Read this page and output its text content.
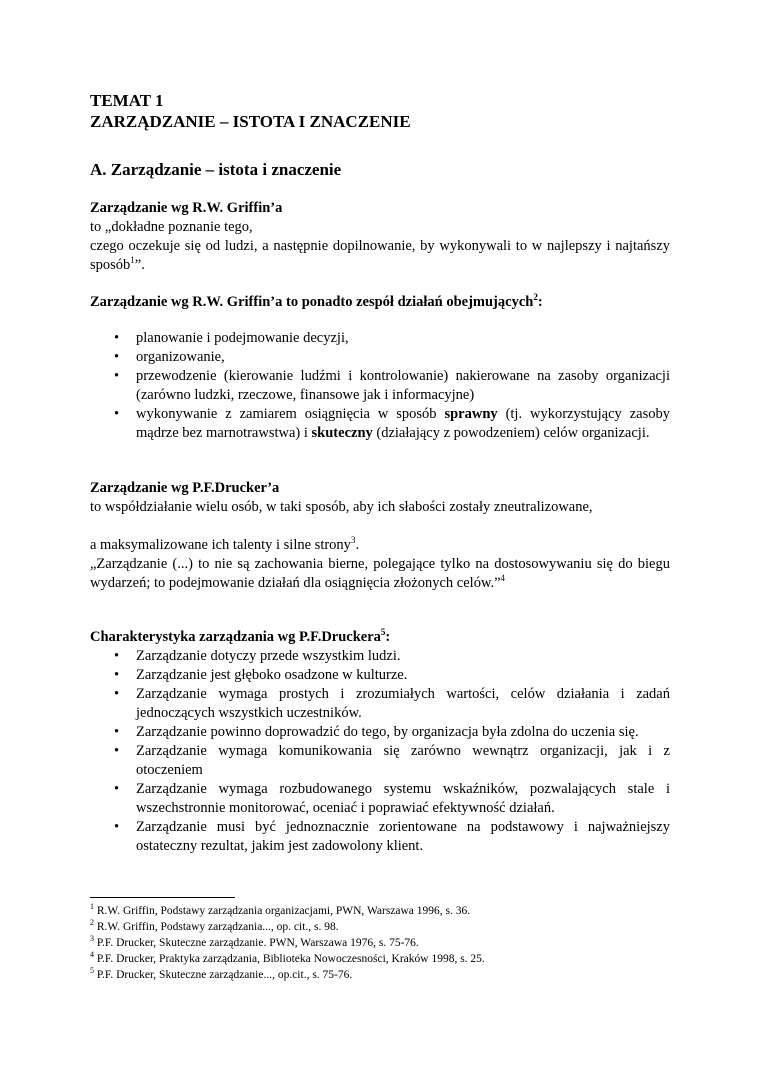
TEMAT 1
ZARZĄDZANIE – ISTOTA I ZNACZENIE
A. Zarządzanie – istota i znaczenie
Zarządzanie wg R.W. Griffin’a

to „dokładne poznanie tego,

czego oczekuje się od ludzi, a następnie dopilnowanie, by wykonywali to w najlepszy i najtańszy sposób$^1$”.

Zarządzanie wg R.W. Griffin’a to ponadto zespół działań obejmujących$^2$:
• planowanie i podejmowanie decyzji,
• organizowanie,
• przewodzenie (kierowanie ludźmi i kontrolowanie) nakierowane na zasoby organizacji (zarówno ludzki, rzeczowe, finansowe jak i informacyjne)
• wykonywanie z zamiarem osiągnięcia w sposób sprawny (tj. wykorzystujący zasoby mądrze bez marnotrawstwa) i skuteczny (działający z powodzeniem) celów organizacji.
Zarządzanie wg P.F.Drucker’a

to współdziałanie wielu osób, w taki sposób, aby ich słabości zostały zneutralizowane,

a maksymalizowane ich talenty i silne strony$^3$.

„Zarządzanie (...) to nie są zachowania bierne, polegające tylko na dostosowywaniu się do biegu wydarzeń; to podejmowanie działań dla osiągnięcia złożonych celów.”$^4$

Charakterystyka zarządzania wg P.F.Druckera$^5$:
• Zarządzanie dotyczy przede wszystkim ludzi.
• Zarządzanie jest głęboko osadzone w kulturze.
• Zarządzanie wymaga prostych i zrozumiałych wartości, celów działania i zadań jednoczących wszystkich uczestników.
• Zarządzanie powinno doprowadzić do tego, by organizacja była zdolna do uczenia się.
• Zarządzanie wymaga komunikowania się zarówno wewnątrz organizacji, jak i z otoczeniem
• Zarządzanie wymaga rozbudowanego systemu wskaźników, pozwalających stale i wszechstronnie monitorować, oceniać i poprawiać efektywność działań.
• Zarządzanie musi być jednoznacznie zorientowane na podstawowy i najważniejszy ostateczny rezultat, jakim jest zadowolony klient.
$^1$ R.W. Griffin, Podstawy zarządzania organizacjami, PWN, Warszawa 1996, s. 36.
$^2$ R.W. Griffin, Podstawy zarządzania..., op. cit., s. 98.
$^3$ P.F. Drucker, Skuteczne zarządzanie. PWN, Warszawa 1976, s. 75-76.
$^4$ P.F. Drucker, Praktyka zarządzania, Biblioteka Nowoczesności, Kraków 1998, s. 25.
$^5$ P.F. Drucker, Skuteczne zarządzanie..., op.cit., s. 75-76.
